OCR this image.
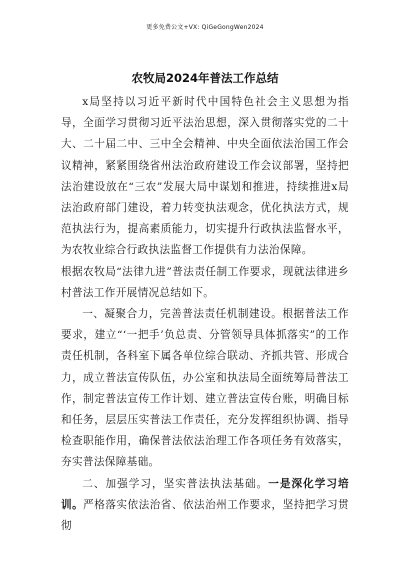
更多免费公文+VX: QiGeGongWen2024
农牧局2024年普法工作总结

x局坚持以习近平新时代中国特色社会主义思想为指导，全面学习贯彻习近平法治思想，深入贯彻落实党的二十大、二十届二中、三中全会精神、中央全面依法治国工作会议精神，紧紧围绕省州法治政府建设工作会议部署，坚持把法治建设放在“三农”发展大局中谋划和推进，持续推进x局法治政府部门建设，着力转变执法观念，优化执法方式，规范执法行为，提高素质能力，切实提升行政执法监督水平，为农牧业综合行政执法监督工作提供有力法治保障。

根据农牧局“法律九进”普法责任制工作要求，现就法律进乡村普法工作开展情况总结如下。

一、凝聚合力，完善普法责任机制建设。根据普法工作要求，建立“‘一把手’负总责、分管领导具体抓落实”的工作责任机制，各科室下属各单位综合联动、齐抓共管、形成合力，成立普法宣传队伍，办公室和执法局全面统筹局普法工作，制定普法宣传工作计划、建立普法宣传台账，明确目标和任务，层层压实普法工作责任，充分发挥组织协调、指导检查职能作用，确保普法依法治理工作各项任务有效落实，夯实普法保障基础。

二、加强学习，坚实普法执法基础。一是深化学习培训。严格落实依法治省、依法治州工作要求，坚持把学习贯彻
